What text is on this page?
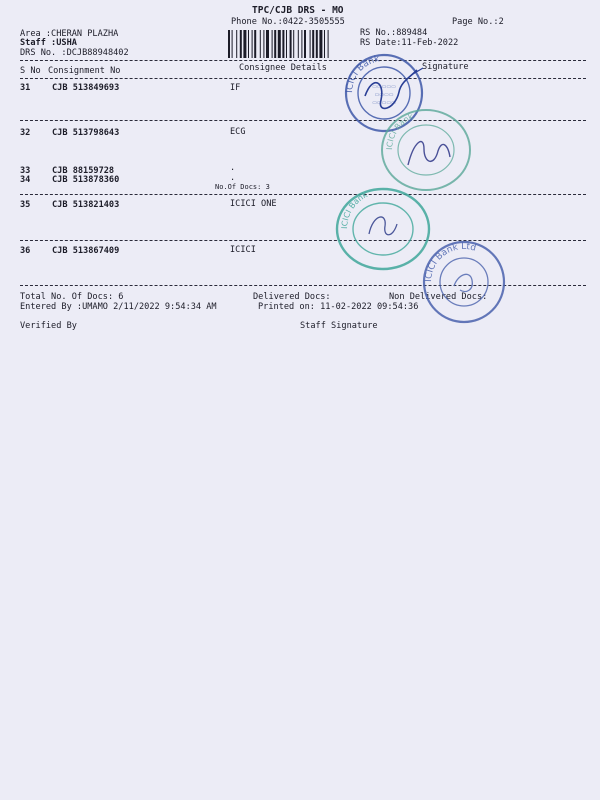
TPC/CJB DRS - MO
Phone No.:0422-3505555	Page No.:2
Area :CHERAN PLAZHA
Staff :USHA
DRS No. :DCJB88948402
RS No.:889484
RS Date:11-Feb-2022
S No Consignment No	Consignee Details	Signature
31	CJB 513849693	IF
32	CJB 513798643	ECG
33	CJB 88159728	.
34	CJB 513878360	.
No.Of Docs: 3
35	CJB 513821403	ICICI ONE
36	CJB 513867409	ICICI
Total No. Of Docs: 6	Delivered Docs:	Non Delivered Docs:
Entered By :UMAMO 2/11/2022 9:54:34 AM	Printed on: 11-02-2022 09:54:36
Verified By	Staff Signature
ICICI Bank
▭▭▭▭▭
▭▭▭▭
▭▭▭▭▭
ICICI Bank
ICICI Bank
ICICI Bank Ltd
